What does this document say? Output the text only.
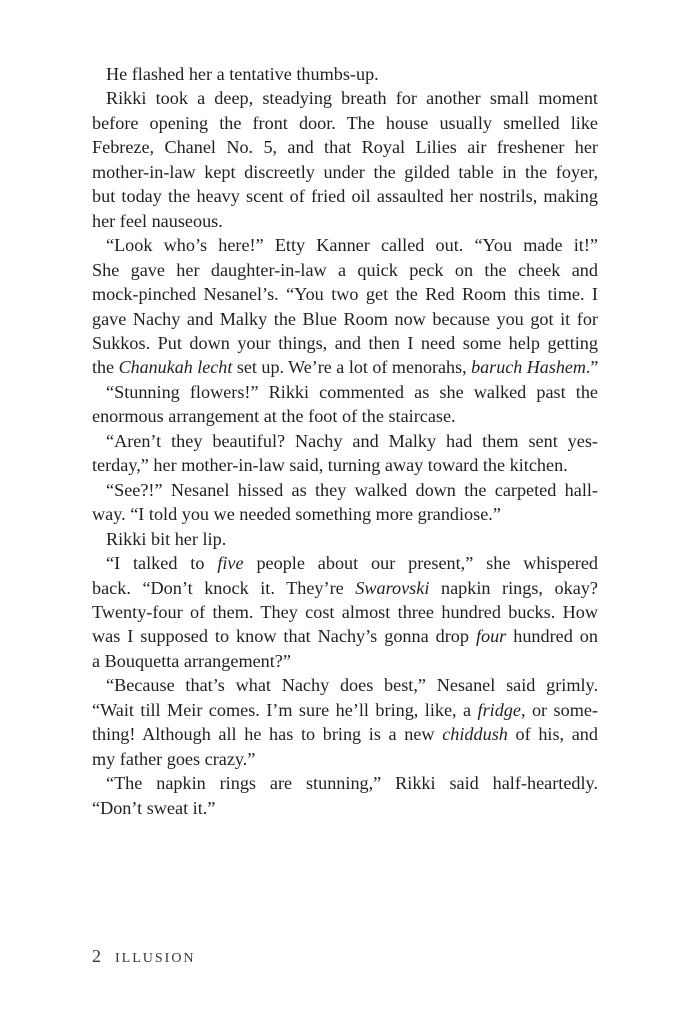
He flashed her a tentative thumbs-up.
Rikki took a deep, steadying breath for another small moment
before opening the front door. The house usually smelled like
Febreze, Chanel No. 5, and that Royal Lilies air freshener her
mother-in-law kept discreetly under the gilded table in the foyer,
but today the heavy scent of fried oil assaulted her nostrils, making
her feel nauseous.
“Look who’s here!” Etty Kanner called out. “You made it!”
She gave her daughter-in-law a quick peck on the cheek and
mock-pinched Nesanel’s. “You two get the Red Room this time. I
gave Nachy and Malky the Blue Room now because you got it for
Sukkos. Put down your things, and then I need some help getting
the Chanukah lecht set up. We’re a lot of menorahs, baruch Hashem.”
“Stunning flowers!” Rikki commented as she walked past the
enormous arrangement at the foot of the staircase.
“Aren’t they beautiful? Nachy and Malky had them sent yes-
terday,” her mother-in-law said, turning away toward the kitchen.
“See?!” Nesanel hissed as they walked down the carpeted hall-
way. “I told you we needed something more grandiose.”
Rikki bit her lip.
“I talked to five people about our present,” she whispered
back. “Don’t knock it. They’re Swarovski napkin rings, okay?
Twenty-four of them. They cost almost three hundred bucks. How
was I supposed to know that Nachy’s gonna drop four hundred on
a Bouquetta arrangement?”
“Because that’s what Nachy does best,” Nesanel said grimly.
“Wait till Meir comes. I’m sure he’ll bring, like, a fridge, or some-
thing! Although all he has to bring is a new chiddush of his, and
my father goes crazy.”
“The napkin rings are stunning,” Rikki said half-heartedly.
“Don’t sweat it.”
2 ILLUSION
